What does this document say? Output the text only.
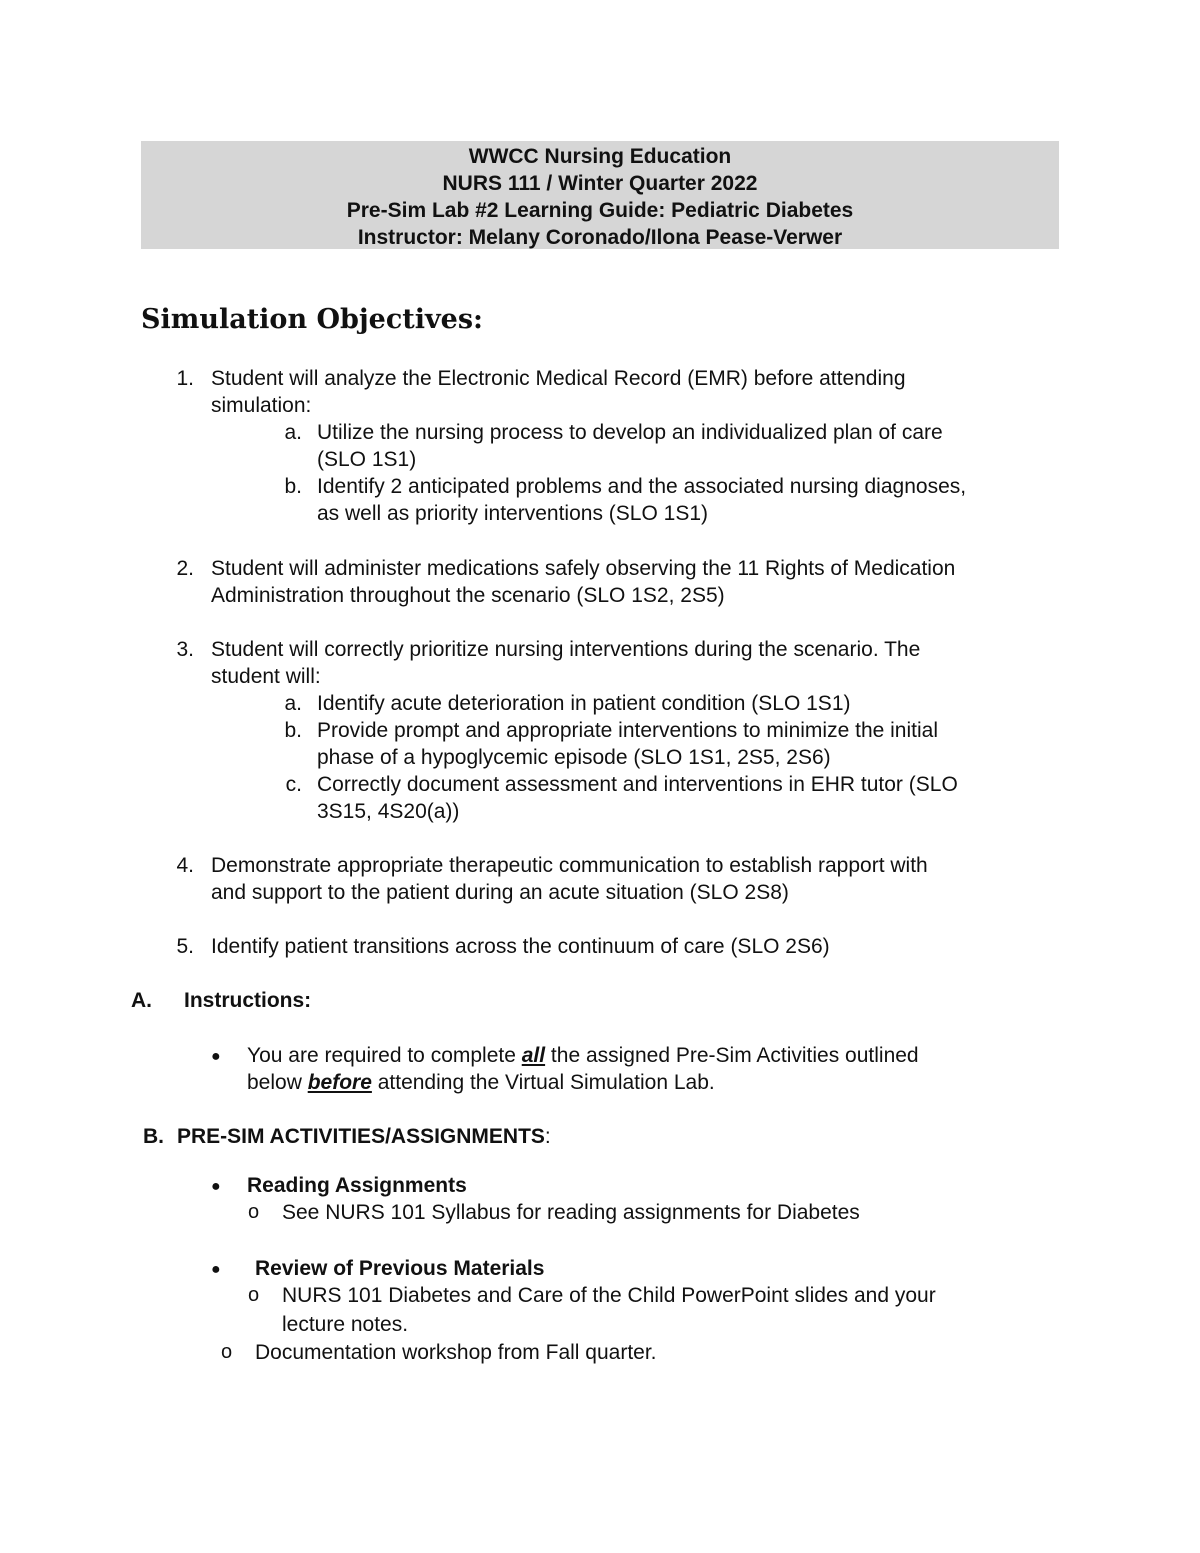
WWCC Nursing Education
NURS 111 / Winter Quarter 2022
Pre-Sim Lab #2 Learning Guide: Pediatric Diabetes
Instructor: Melany Coronado/Ilona Pease-Verwer
Simulation Objectives:
1. Student will analyze the Electronic Medical Record (EMR) before attending
simulation:
a. Utilize the nursing process to develop an individualized plan of care
(SLO 1S1)
b. Identify 2 anticipated problems and the associated nursing diagnoses,
as well as priority interventions (SLO 1S1)
2. Student will administer medications safely observing the 11 Rights of Medication
Administration throughout the scenario (SLO 1S2, 2S5)
3. Student will correctly prioritize nursing interventions during the scenario. The
student will:
a. Identify acute deterioration in patient condition (SLO 1S1)
b. Provide prompt and appropriate interventions to minimize the initial
phase of a hypoglycemic episode (SLO 1S1, 2S5, 2S6)
c. Correctly document assessment and interventions in EHR tutor (SLO
3S15, 4S20(a))
4. Demonstrate appropriate therapeutic communication to establish rapport with
and support to the patient during an acute situation (SLO 2S8)
5. Identify patient transitions across the continuum of care (SLO 2S6)
A. Instructions:
● You are required to complete all the assigned Pre-Sim Activities outlined
below before attending the Virtual Simulation Lab.
B. PRE-SIM ACTIVITIES/ASSIGNMENTS:
● Reading Assignments
o See NURS 101 Syllabus for reading assignments for Diabetes
● Review of Previous Materials
o NURS 101 Diabetes and Care of the Child PowerPoint slides and your
lecture notes.
o Documentation workshop from Fall quarter.
